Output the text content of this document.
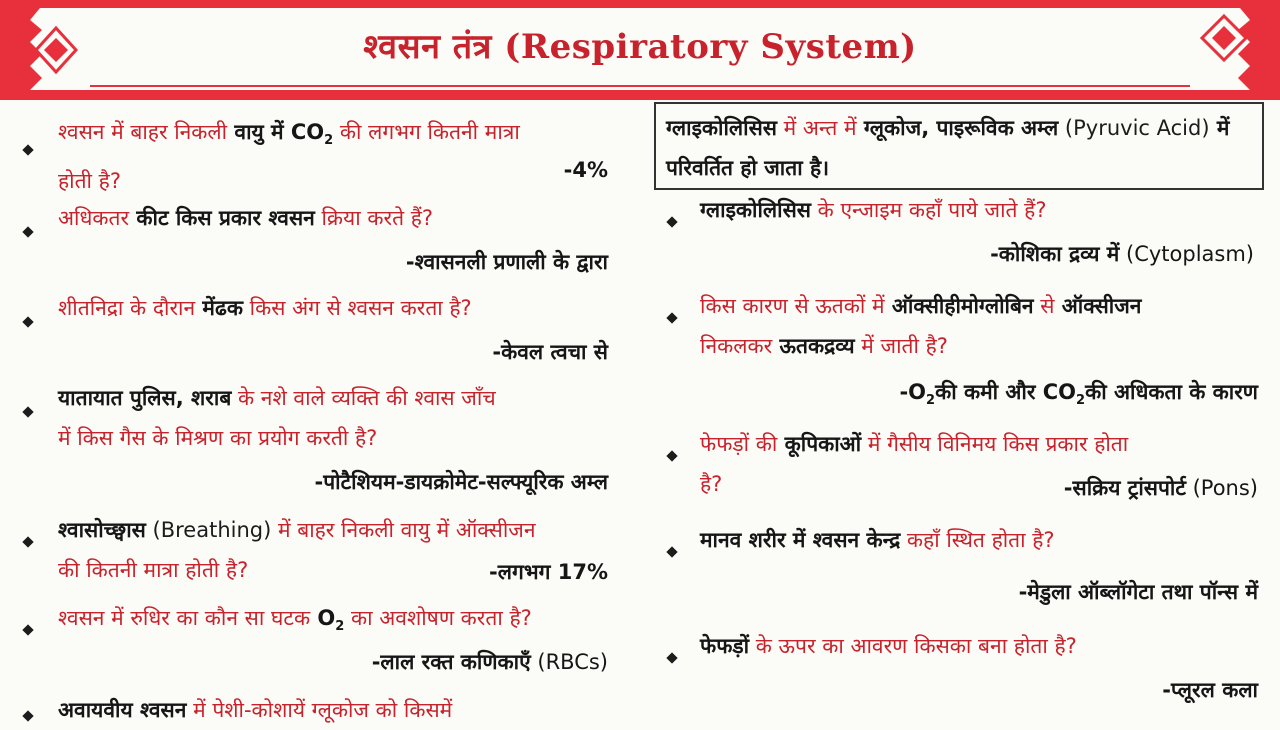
श्वसन तंत्र (Respiratory System)
श्वसन में बाहर निकली वायु में $CO_2$ की लगभग कितनी मात्रा
होती है?	-4%
अधिकतर कीट किस प्रकार श्वसन क्रिया करते हैं?
-श्वासनली प्रणाली के द्वारा
शीतनिद्रा के दौरान मेंढक किस अंग से श्वसन करता है?
-केवल त्वचा से
यातायात पुलिस, शराब के नशे वाले व्यक्ति की श्वास जाँच
में किस गैस के मिश्रण का प्रयोग करती है?
-पोटैशियम-डायक्रोमेट-सल्फ्यूरिक अम्ल
श्वासोच्छ्वास (Breathing) में बाहर निकली वायु में ऑक्सीजन
की कितनी मात्रा होती है?	-लगभग 17%
श्वसन में रुधिर का कौन सा घटक $O_2$ का अवशोषण करता है?
-लाल रक्त कणिकाएँ (RBCs)
अवायवीय श्वसन में पेशी-कोशायें ग्लूकोज को किसमें
ग्लाइकोलिसिस में अन्त में ग्लूकोज, पाइरूविक अम्ल (Pyruvic Acid) में परिवर्तित हो जाता है।
ग्लाइकोलिसिस के एन्जाइम कहाँ पाये जाते हैं?
-कोशिका द्रव्य में (Cytoplasm)
किस कारण से ऊतकों में ऑक्सीहीमोग्लोबिन से ऑक्सीजन
निकलकर ऊतकद्रव्य में जाती है?
$-O_2की$ कमी और $CO_2की$ अधिकता के कारण
फेफड़ों की कूपिकाओं में गैसीय विनिमय किस प्रकार होता
है?	-सक्रिय ट्रांसपोर्ट (Pons)
मानव शरीर में श्वसन केन्द्र कहाँ स्थित होता है?
-मेडुला ऑब्लॉगेटा तथा पॉन्स में
फेफड़ों के ऊपर का आवरण किसका बना होता है?
-प्लूरल कला
